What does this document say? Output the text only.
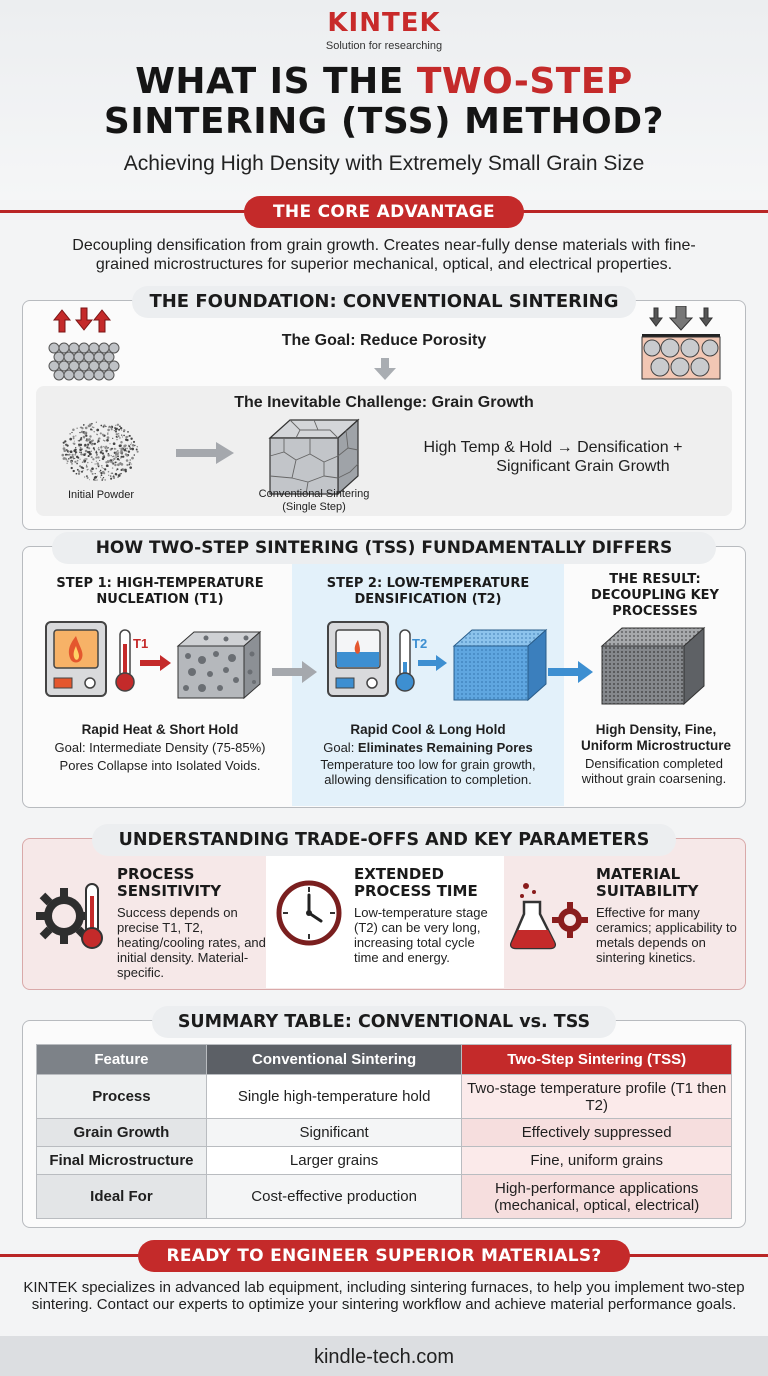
KINTEK
Solution for researching
WHAT IS THE TWO-STEP
SINTERING (TSS) METHOD?
Achieving High Density with Extremely Small Grain Size
THE CORE ADVANTAGE
Decoupling densification from grain growth. Creates near-fully dense materials with fine-grained microstructures for superior mechanical, optical, and electrical properties.
THE FOUNDATION: CONVENTIONAL SINTERING
The Goal: Reduce Porosity
The Inevitable Challenge: Grain Growth
Initial Powder	Conventional Sintering (Single Step)
High Temp & Hold → Densification +
Significant Grain Growth
HOW TWO-STEP SINTERING (TSS) FUNDAMENTALLY DIFFERS
STEP 1: HIGH-TEMPERATURE NUCLEATION (T1)
T1
Rapid Heat & Short Hold
Goal: Intermediate Density (75-85%)
Pores Collapse into Isolated Voids.
STEP 2: LOW-TEMPERATURE DENSIFICATION (T2)
T2
Rapid Cool & Long Hold
Goal: Eliminates Remaining Pores
Temperature too low for grain growth, allowing densification to completion.
THE RESULT: DECOUPLING KEY PROCESSES
High Density, Fine, Uniform Microstructure
Densification completed without grain coarsening.
UNDERSTANDING TRADE-OFFS AND KEY PARAMETERS
PROCESS SENSITIVITY
Success depends on precise T1, T2, heating/cooling rates, and initial density. Material-specific.
EXTENDED PROCESS TIME
Low-temperature stage (T2) can be very long, increasing total cycle time and energy.
MATERIAL SUITABILITY
Effective for many ceramics; applicability to metals depends on sintering kinetics.
SUMMARY TABLE: CONVENTIONAL vs. TSS
Feature	Conventional Sintering	Two-Step Sintering (TSS)
Process	Single high-temperature hold	Two-stage temperature profile (T1 then T2)
Grain Growth	Significant	Effectively suppressed
Final Microstructure	Larger grains	Fine, uniform grains
Ideal For	Cost-effective production	High-performance applications (mechanical, optical, electrical)
READY TO ENGINEER SUPERIOR MATERIALS?
KINTEK specializes in advanced lab equipment, including sintering furnaces, to help you implement two-step sintering. Contact our experts to optimize your sintering workflow and achieve material performance goals.
kindle-tech.com
